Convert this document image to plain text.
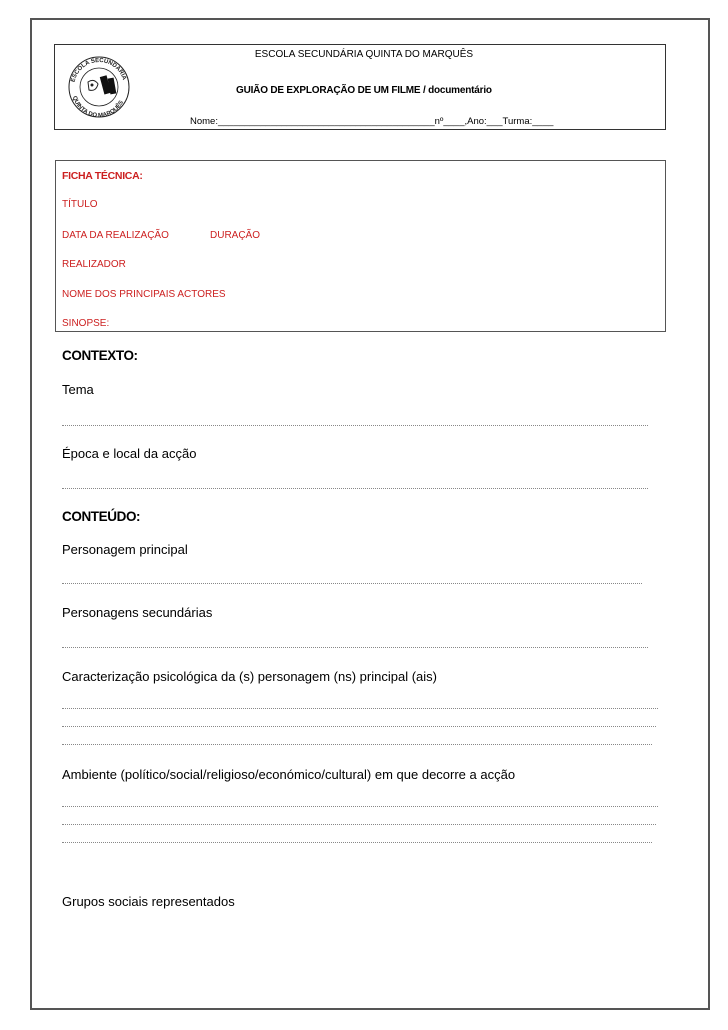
ESCOLA SECUNDÁRIA
QUINTA DO MARQUÊS
ESCOLA SECUNDÁRIA QUINTA DO MARQUÊS
GUIÃO DE EXPLORAÇÃO DE UM FILME / documentário
Nome:_________________________________________nº____,Ano:___Turma:____
FICHA TÉCNICA:
TÍTULO
DATA DA REALIZAÇÃO	DURAÇÃO
REALIZADOR
NOME DOS PRINCIPAIS ACTORES
SINOPSE:
CONTEXTO:
Tema
Época e local da acção
CONTEÚDO:
Personagem principal
Personagens secundárias
Caracterização psicológica da (s) personagem (ns) principal (ais)
Ambiente (político/social/religioso/económico/cultural) em que decorre a acção
Grupos sociais representados
